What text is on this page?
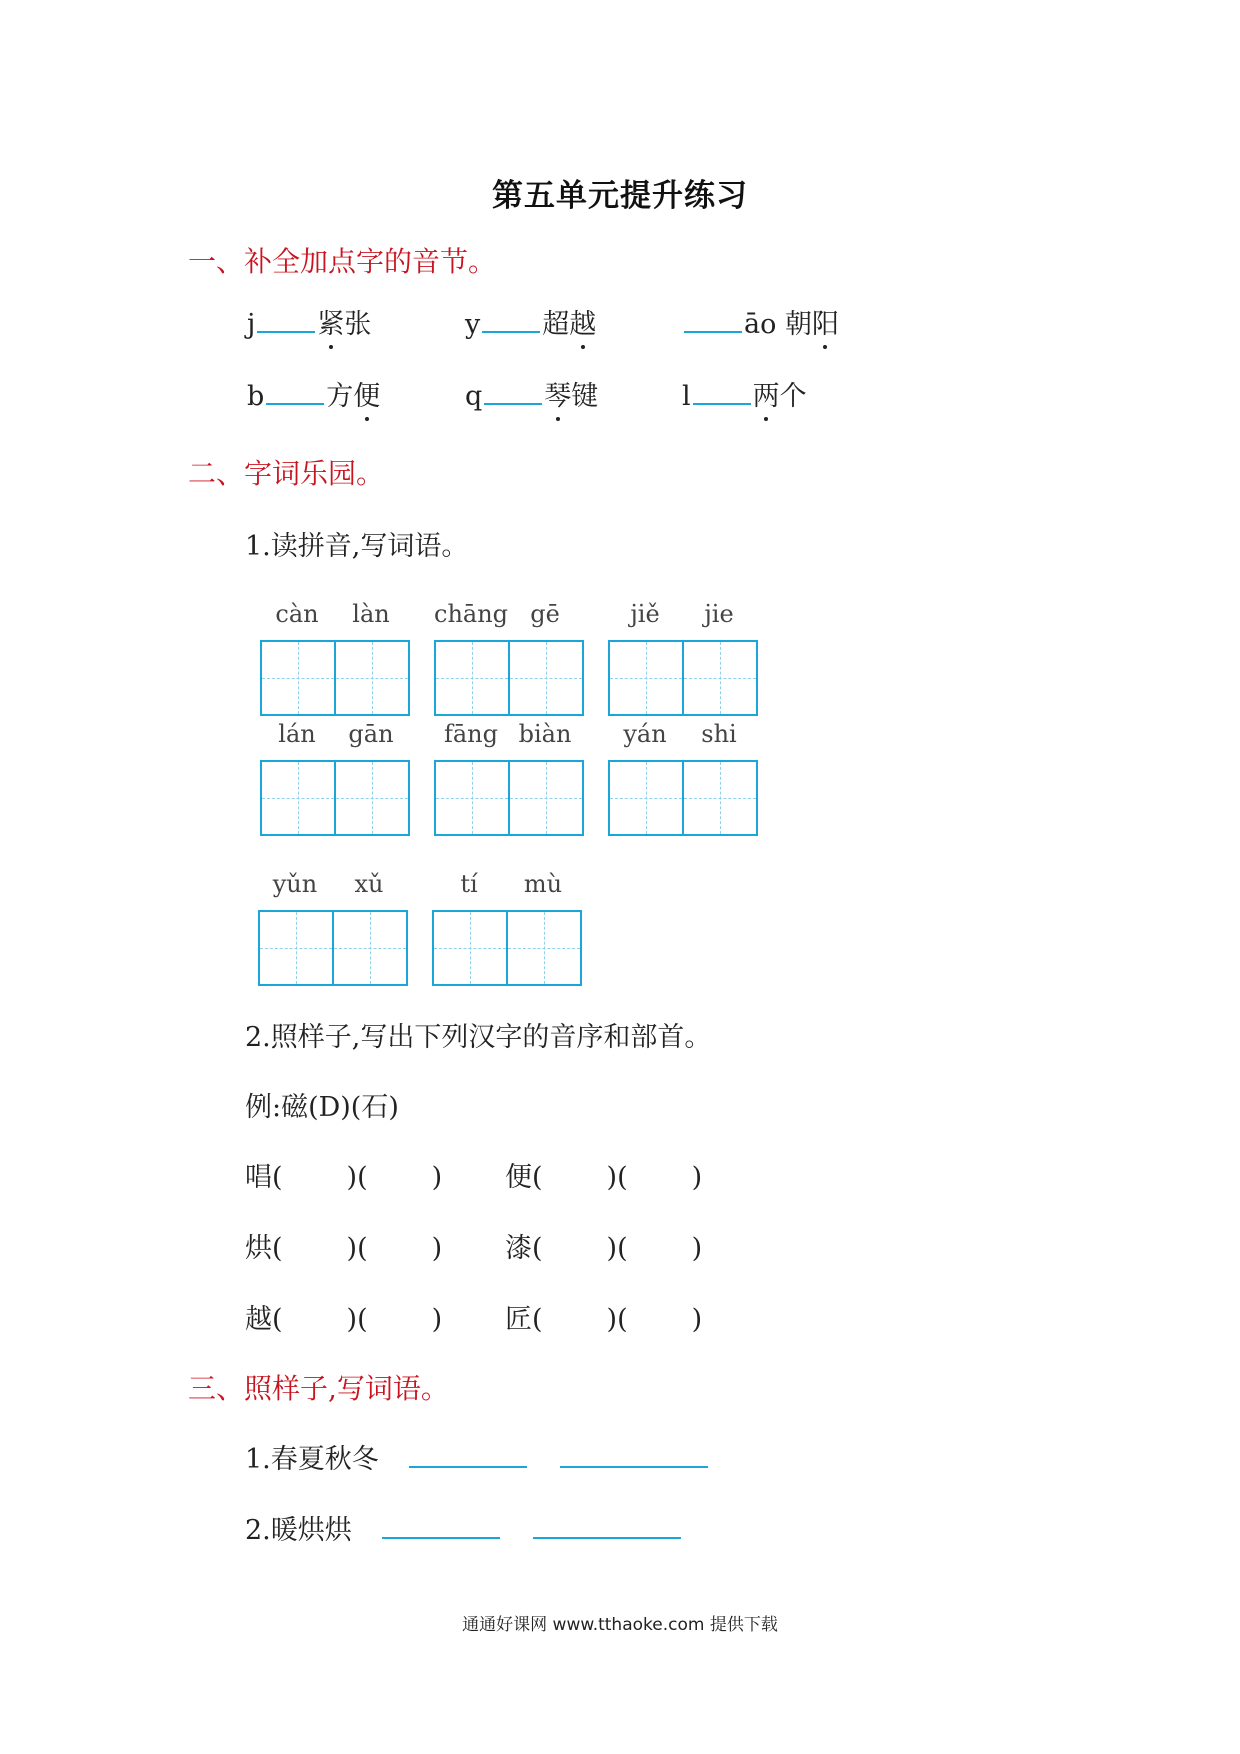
第五单元提升练习
一、补全加点字的音节。
j 紧张	y 超越	āo 朝阳
b 方便	q 琴键	l 两个
二、字词乐园。
1.读拼音,写词语。
càn	làn	chāng gē	jiě	jie
lán	gān	fāng biàn	yán	shi
yǔn	xǔ	tí	mù
2.照样子,写出下列汉字的音序和部首。
例:磁(D)(石)
唱( )( ) 便( )( )
烘( )( ) 漆( )( )
越( )( ) 匠( )( )
三、照样子,写词语。
1.春夏秋冬
2.暖烘烘
通通好课网 www.tthaoke.com 提供下载
